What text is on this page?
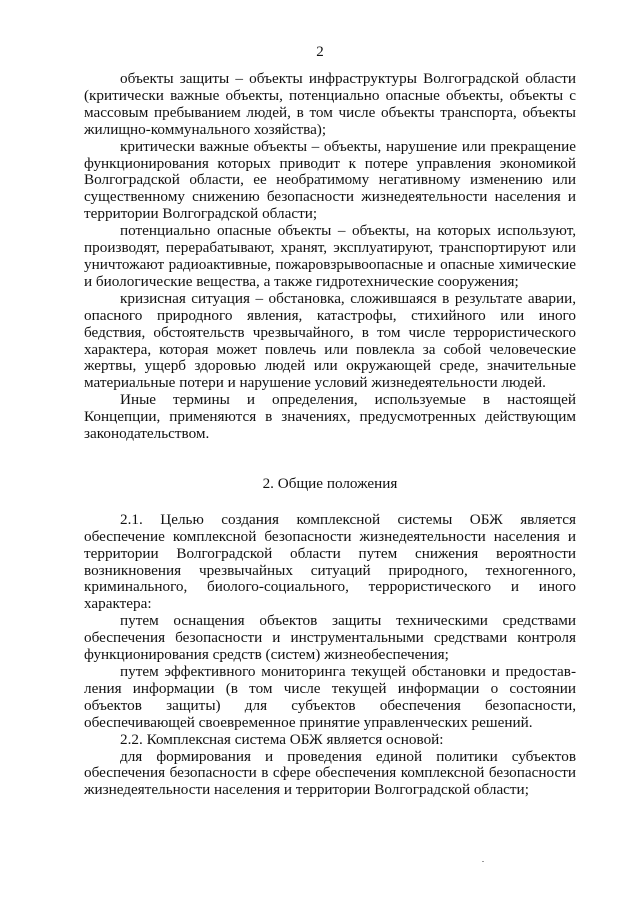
2

объекты защиты – объекты инфраструктуры Волгоградской области (критически важные объекты, потенциально опасные объекты, объекты с массовым пребыванием людей, в том числе объекты транспорта, объекты жилищно-коммунального хозяйства);

критически важные объекты – объекты, нарушение или прекращение функционирования которых приводит к потере управления экономикой Волгоградской области, ее необратимому негативному изменению или существенному снижению безопасности жизнедеятельности населения и территории Волгоградской области;

потенциально опасные объекты – объекты, на которых используют, производят, перерабатывают, хранят, эксплуатируют, транспортируют или уничтожают радиоактивные, пожаровзрывоопасные и опасные химические и биологические вещества, а также гидротехнические сооружения;

кризисная ситуация – обстановка, сложившаяся в результате аварии, опасного природного явления, катастрофы, стихийного или иного бедствия, обстоятельств чрезвычайного, в том числе террористического характера, которая может повлечь или повлекла за собой человеческие жертвы, ущерб здоровью людей или окружающей среде, значительные материальные потери и нарушение условий жизнедеятельности людей.

Иные термины и определения, используемые в настоящей Концепции, применяются в значениях, предусмотренных действующим законодательством.

2. Общие положения

2.1. Целью создания комплексной системы ОБЖ является обеспечение комплексной безопасности жизнедеятельности населения и территории Волгоградской области путем снижения вероятности возникновения чрезвычайных ситуаций природного, техногенного, криминального, биолого-социального, террористического и иного характера:

путем оснащения объектов защиты техническими средствами обеспечения безопасности и инструментальными средствами контроля функционирования средств (систем) жизнеобеспечения;

путем эффективного мониторинга текущей обстановки и предоставления информации (в том числе текущей информации о состоянии объектов защиты) для субъектов обеспечения безопасности, обеспечивающей своевременное принятие управленческих решений.

2.2. Комплексная система ОБЖ является основой:

для формирования и проведения единой политики субъектов обеспечения безопасности в сфере обеспечения комплексной безопасности жизнедеятельности населения и территории Волгоградской области;
